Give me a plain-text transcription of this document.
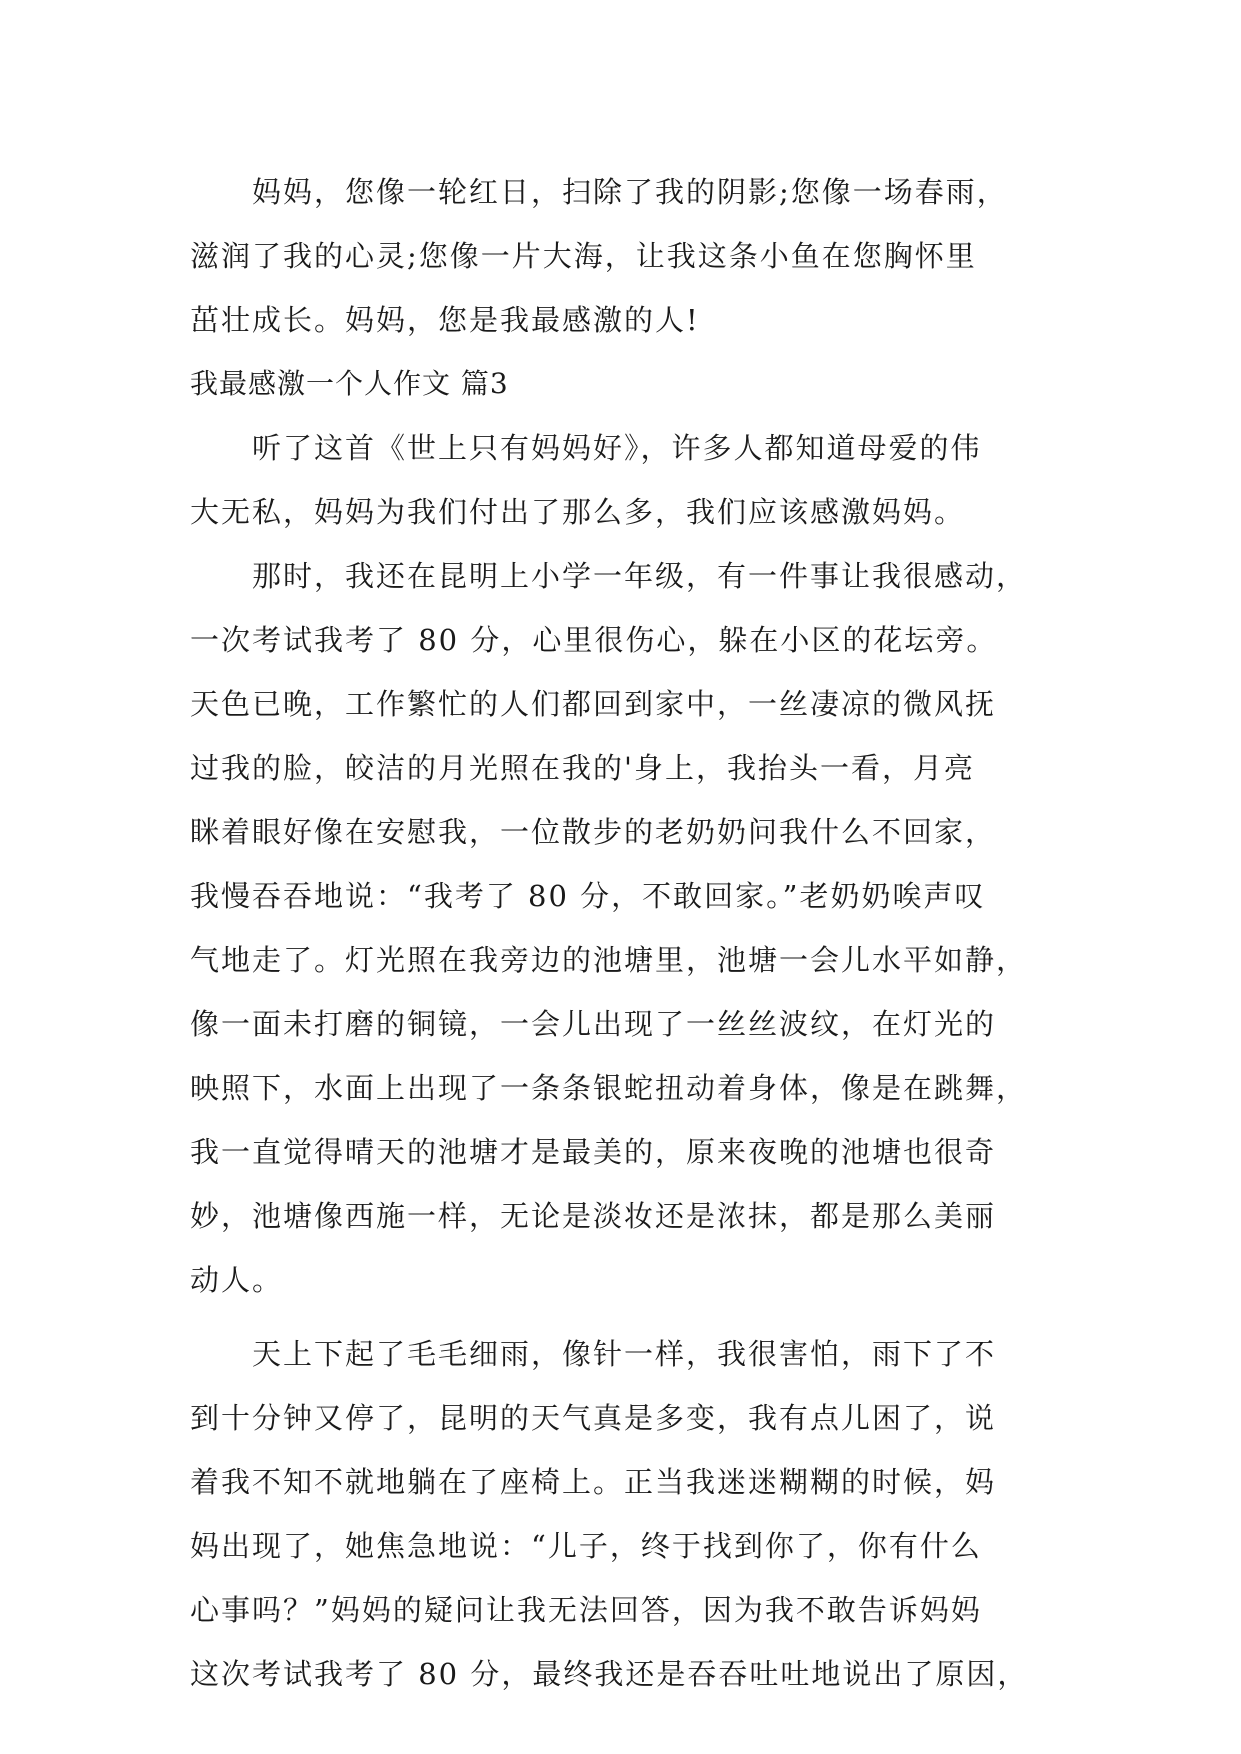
　　妈妈，您像一轮红日，扫除了我的阴影;您像一场春雨，
滋润了我的心灵;您像一片大海，让我这条小鱼在您胸怀里
茁壮成长。妈妈，您是我最感激的人!
我最感激一个人作文 篇3
　　听了这首《世上只有妈妈好》，许多人都知道母爱的伟
大无私，妈妈为我们付出了那么多，我们应该感激妈妈。
　　那时，我还在昆明上小学一年级，有一件事让我很感动，
一次考试我考了 80 分，心里很伤心，躲在小区的花坛旁。
天色已晚，工作繁忙的人们都回到家中，一丝凄凉的微风抚
过我的脸，皎洁的月光照在我的'身上，我抬头一看，月亮
眯着眼好像在安慰我，一位散步的老奶奶问我什么不回家，
我慢吞吞地说：“我考了 80 分，不敢回家。”老奶奶唉声叹
气地走了。灯光照在我旁边的池塘里，池塘一会儿水平如静，
像一面未打磨的铜镜，一会儿出现了一丝丝波纹，在灯光的
映照下，水面上出现了一条条银蛇扭动着身体，像是在跳舞，
我一直觉得晴天的池塘才是最美的，原来夜晚的池塘也很奇
妙，池塘像西施一样，无论是淡妆还是浓抹，都是那么美丽
动人。
　　天上下起了毛毛细雨，像针一样，我很害怕，雨下了不
到十分钟又停了，昆明的天气真是多变，我有点儿困了，说
着我不知不就地躺在了座椅上。正当我迷迷糊糊的时候，妈
妈出现了，她焦急地说：“儿子，终于找到你了，你有什么
心事吗？”妈妈的疑问让我无法回答，因为我不敢告诉妈妈
这次考试我考了 80 分，最终我还是吞吞吐吐地说出了原因，
